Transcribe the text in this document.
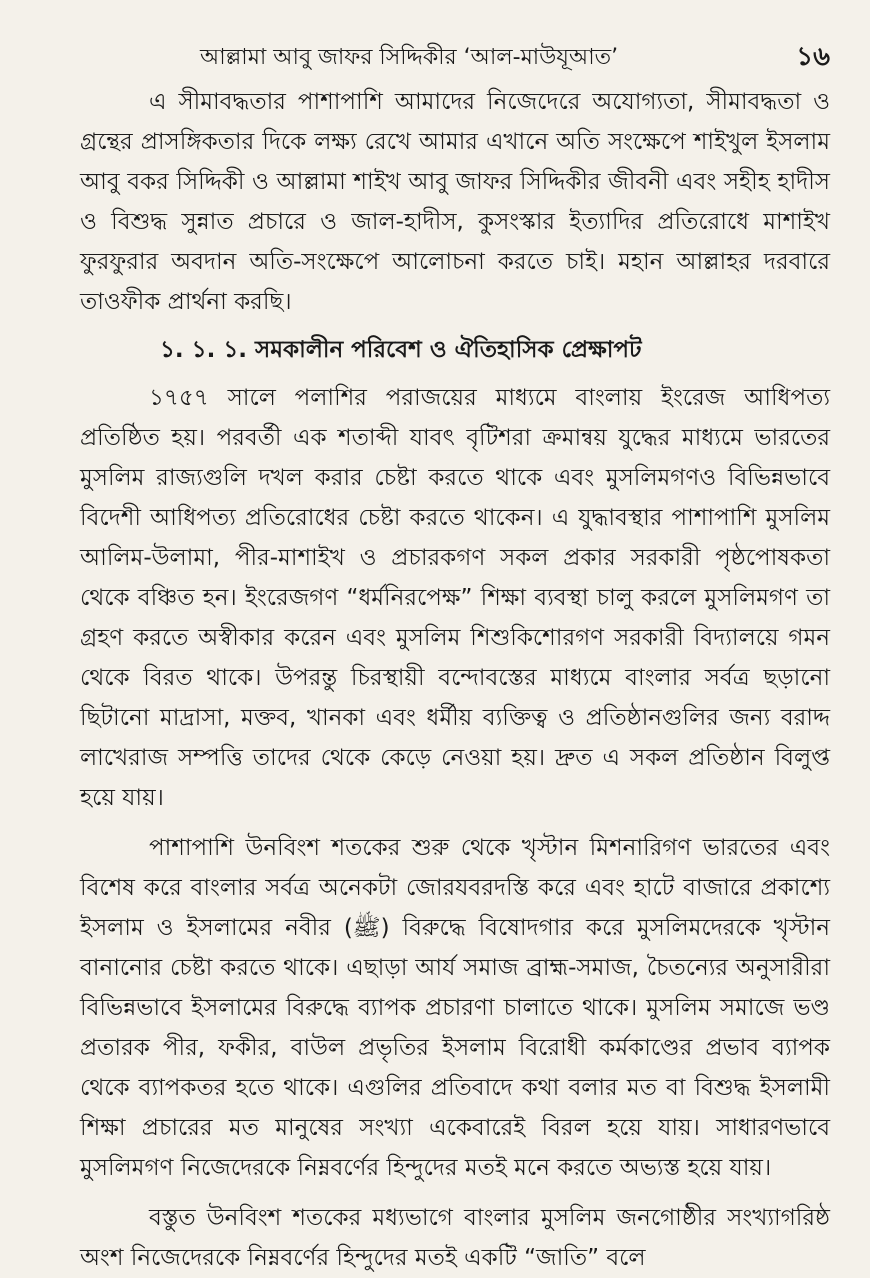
আল্লামা আবু জাফর সিদ্দিকীর ‘আল-মাউযূআত’	১৬

এ সীমাবদ্ধতার পাশাপাশি আমাদের নিজেদেরে অযোগ্যতা, সীমাবদ্ধতা ও গ্রন্থের প্রাসঙ্গিকতার দিকে লক্ষ্য রেখে আমার এখানে অতি সংক্ষেপে শাইখুল ইসলাম আবু বকর সিদ্দিকী ও আল্লামা শাইখ আবু জাফর সিদ্দিকীর জীবনী এবং সহীহ হাদীস ও বিশুদ্ধ সুন্নাত প্রচারে ও জাল-হাদীস, কুসংস্কার ইত্যাদির প্রতিরোধে মাশাইখ ফুরফুরার অবদান অতি-সংক্ষেপে আলোচনা করতে চাই। মহান আল্লাহর দরবারে তাওফীক প্রার্থনা করছি।

১. ১. ১. সমকালীন পরিবেশ ও ঐতিহাসিক প্রেক্ষাপট

১৭৫৭ সালে পলাশির পরাজয়ের মাধ্যমে বাংলায় ইংরেজ আধিপত্য প্রতিষ্ঠিত হয়। পরবর্তী এক শতাব্দী যাবৎ বৃটিশরা ক্রমান্বয় যুদ্ধের মাধ্যমে ভারতের মুসলিম রাজ্যগুলি দখল করার চেষ্টা করতে থাকে এবং মুসলিমগণও বিভিন্নভাবে বিদেশী আধিপত্য প্রতিরোধের চেষ্টা করতে থাকেন। এ যুদ্ধাবস্থার পাশাপাশি মুসলিম আলিম-উলামা, পীর-মাশাইখ ও প্রচারকগণ সকল প্রকার সরকারী পৃষ্ঠপোষকতা থেকে বঞ্চিত হন। ইংরেজগণ “ধর্মনিরপেক্ষ” শিক্ষা ব্যবস্থা চালু করলে মুসলিমগণ তা গ্রহণ করতে অস্বীকার করেন এবং মুসলিম শিশুকিশোরগণ সরকারী বিদ্যালয়ে গমন থেকে বিরত থাকে। উপরন্তু চিরস্থায়ী বন্দোবস্তের মাধ্যমে বাংলার সর্বত্র ছড়ানো ছিটানো মাদ্রাসা, মক্তব, খানকা এবং ধর্মীয় ব্যক্তিত্ব ও প্রতিষ্ঠানগুলির জন্য বরাদ্দ লাখেরাজ সম্পত্তি তাদের থেকে কেড়ে নেওয়া হয়। দ্রুত এ সকল প্রতিষ্ঠান বিলুপ্ত হয়ে যায়।

পাশাপাশি উনবিংশ শতকের শুরু থেকে খৃস্টান মিশনারিগণ ভারতের এবং বিশেষ করে বাংলার সর্বত্র অনেকটা জোরযবরদস্তি করে এবং হাটে বাজারে প্রকাশ্যে ইসলাম ও ইসলামের নবীর (ﷺ) বিরুদ্ধে বিষোদগার করে মুসলিমদেরকে খৃস্টান বানানোর চেষ্টা করতে থাকে। এছাড়া আর্য সমাজ ব্রাহ্ম-সমাজ, চৈতন্যের অনুসারীরা বিভিন্নভাবে ইসলামের বিরুদ্ধে ব্যাপক প্রচারণা চালাতে থাকে। মুসলিম সমাজে ভণ্ড প্রতারক পীর, ফকীর, বাউল প্রভৃতির ইসলাম বিরোধী কর্মকাণ্ডের প্রভাব ব্যাপক থেকে ব্যাপকতর হতে থাকে। এগুলির প্রতিবাদে কথা বলার মত বা বিশুদ্ধ ইসলামী শিক্ষা প্রচারের মত মানুষের সংখ্যা একেবারেই বিরল হয়ে যায়। সাধারণভাবে মুসলিমগণ নিজেদেরকে নিম্নবর্ণের হিন্দুদের মতই মনে করতে অভ্যস্ত হয়ে যায়।

বস্তুত উনবিংশ শতকের মধ্যভাগে বাংলার মুসলিম জনগোষ্ঠীর সংখ্যাগরিষ্ঠ অংশ নিজেদেরকে নিম্নবর্ণের হিন্দুদের মতই একটি “জাতি” বলে
